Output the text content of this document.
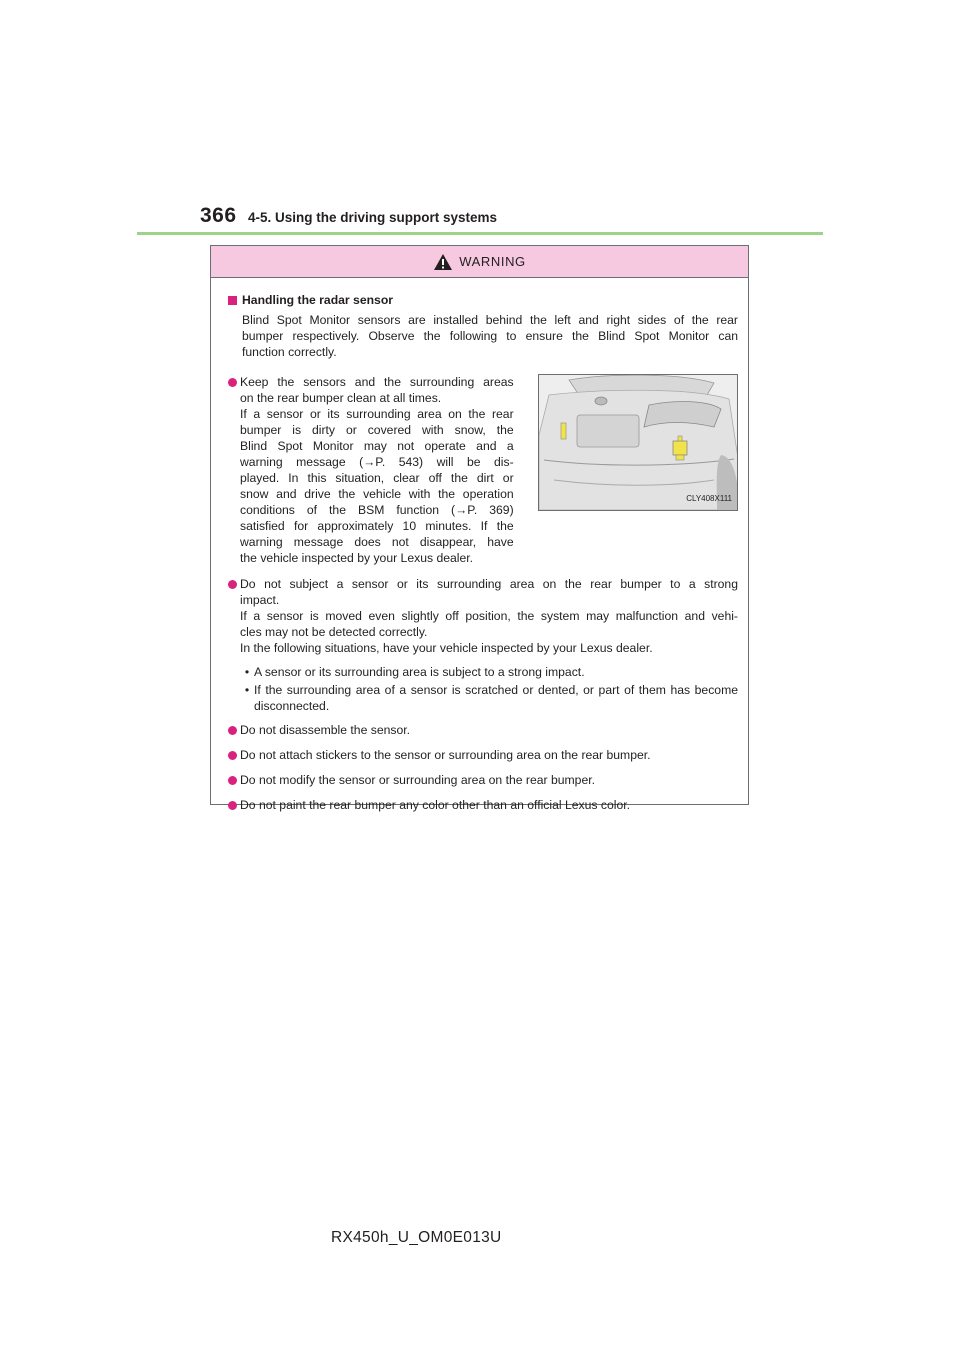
366 4-5. Using the driving support systems
WARNING
Handling the radar sensor
Blind Spot Monitor sensors are installed behind the left and right sides of the rear
bumper respectively. Observe the following to ensure the Blind Spot Monitor can
function correctly.
Keep the sensors and the surrounding areas
on the rear bumper clean at all times.
If a sensor or its surrounding area on the rear
bumper is dirty or covered with snow, the
Blind Spot Monitor may not operate and a
warning message (→P. 543) will be dis-
played. In this situation, clear off the dirt or
snow and drive the vehicle with the operation
conditions of the BSM function (→P. 369)
satisfied for approximately 10 minutes. If the
warning message does not disappear, have
the vehicle inspected by your Lexus dealer.
CLY408X111
Do not subject a sensor or its surrounding area on the rear bumper to a strong
impact.
If a sensor is moved even slightly off position, the system may malfunction and vehi-
cles may not be detected correctly.
In the following situations, have your vehicle inspected by your Lexus dealer.
• A sensor or its surrounding area is subject to a strong impact.
• If the surrounding area of a sensor is scratched or dented, or part of them has become disconnected.
Do not disassemble the sensor.
Do not attach stickers to the sensor or surrounding area on the rear bumper.
Do not modify the sensor or surrounding area on the rear bumper.
Do not paint the rear bumper any color other than an official Lexus color.
RX450h_U_OM0E013U
